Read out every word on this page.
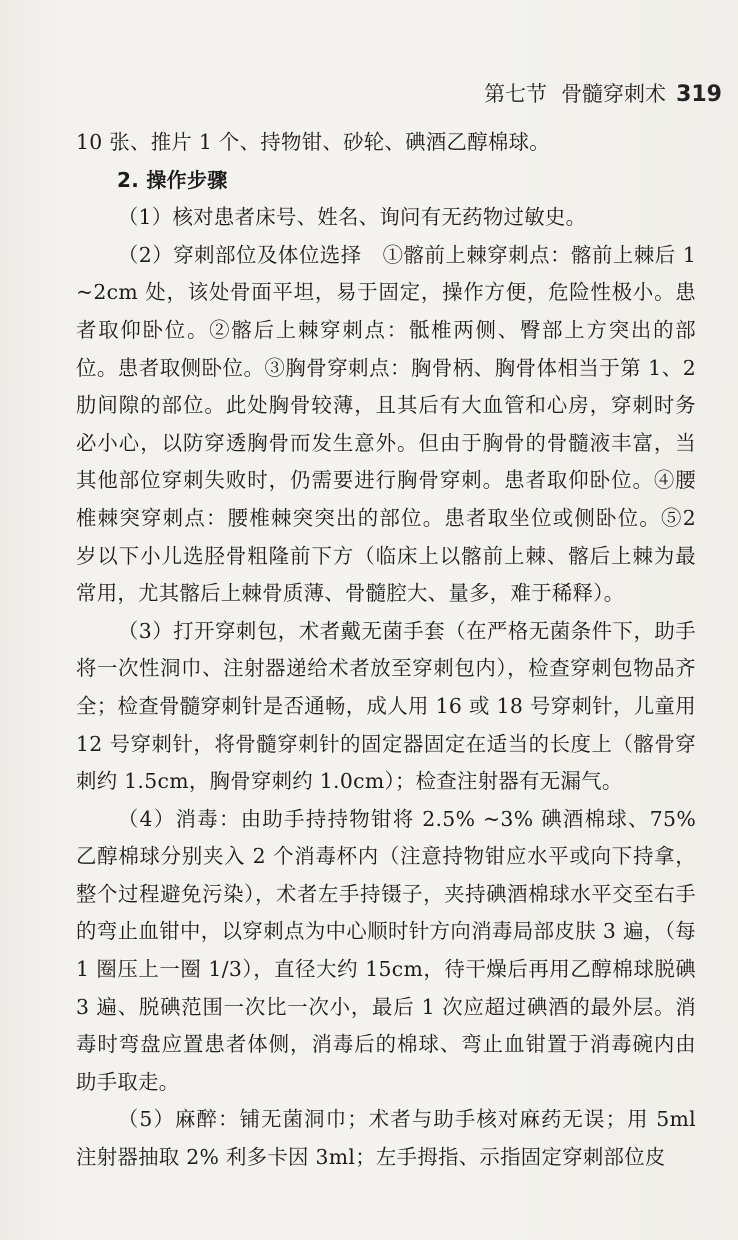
第七节 骨髓穿刺术 319

10 张、推片 1 个、持物钳、砂轮、碘酒乙醇棉球。

2. 操作步骤

（1）核对患者床号、姓名、询问有无药物过敏史。

（2）穿刺部位及体位选择　①髂前上棘穿刺点：髂前上棘后 1 ~2cm 处，该处骨面平坦，易于固定，操作方便，危险性极小。患者取仰卧位。②髂后上棘穿刺点：骶椎两侧、臀部上方突出的部位。患者取侧卧位。③胸骨穿刺点：胸骨柄、胸骨体相当于第 1、2 肋间隙的部位。此处胸骨较薄，且其后有大血管和心房，穿刺时务必小心，以防穿透胸骨而发生意外。但由于胸骨的骨髓液丰富，当其他部位穿刺失败时，仍需要进行胸骨穿刺。患者取仰卧位。④腰椎棘突穿刺点：腰椎棘突突出的部位。患者取坐位或侧卧位。⑤2 岁以下小儿选胫骨粗隆前下方（临床上以髂前上棘、髂后上棘为最常用，尤其髂后上棘骨质薄、骨髓腔大、量多，难于稀释）。

（3）打开穿刺包，术者戴无菌手套（在严格无菌条件下，助手将一次性洞巾、注射器递给术者放至穿刺包内），检查穿刺包物品齐全；检查骨髓穿刺针是否通畅，成人用 16 或 18 号穿刺针，儿童用 12 号穿刺针，将骨髓穿刺针的固定器固定在适当的长度上（髂骨穿刺约 1.5cm，胸骨穿刺约 1.0cm）；检查注射器有无漏气。

（4）消毒：由助手持持物钳将 2.5% ~3% 碘酒棉球、75% 乙醇棉球分别夹入 2 个消毒杯内（注意持物钳应水平或向下持拿，整个过程避免污染），术者左手持镊子，夹持碘酒棉球水平交至右手的弯止血钳中，以穿刺点为中心顺时针方向消毒局部皮肤 3 遍，（每 1 圈压上一圈 1/3），直径大约 15cm，待干燥后再用乙醇棉球脱碘 3 遍、脱碘范围一次比一次小，最后 1 次应超过碘酒的最外层。消毒时弯盘应置患者体侧，消毒后的棉球、弯止血钳置于消毒碗内由助手取走。

（5）麻醉：铺无菌洞巾；术者与助手核对麻药无误；用 5ml 注射器抽取 2% 利多卡因 3ml；左手拇指、示指固定穿刺部位皮
